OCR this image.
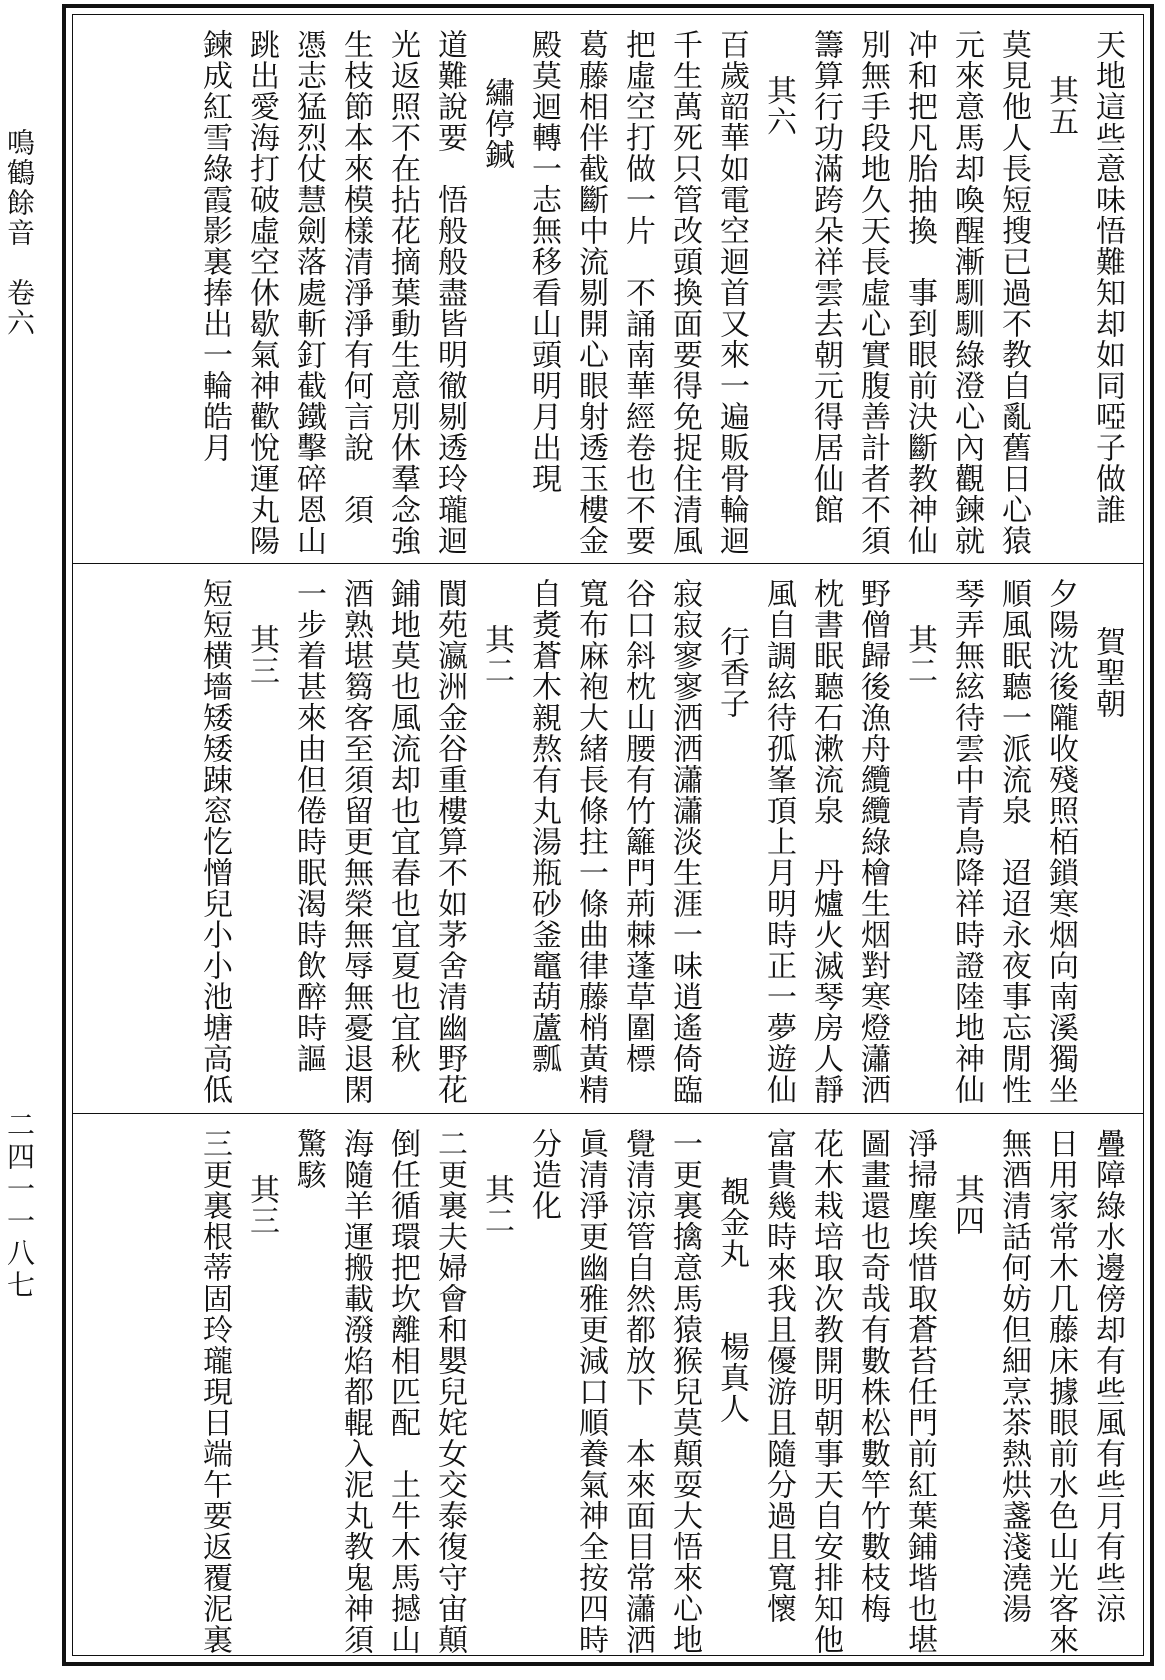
鳴鶴餘音　卷六
二四一一八七
天地這些意味悟難知却如同啞子做誰
其五
莫見他人長短搜已過不教自亂舊日心猿
元來意馬却喚醒漸馴馴綠澄心內觀鍊就
冲和把凡胎抽換　事到眼前決斷教神仙
別無手段地久天長虛心實腹善計者不須
籌算行功滿跨朵祥雲去朝元得居仙館
其六
百歲韶華如電空迴首又來一遍販骨輪迴
千生萬死只管改頭換面要得免捉住清風
把虛空打做一片　不誦南華經卷也不要
葛藤相伴截斷中流剔開心眼射透玉樓金
殿莫迴轉一志無移看山頭明月出現
繡停鍼
道難說要　悟般般盡皆明徹剔透玲瓏迴
光返照不在拈花摘葉動生意別休羣念強
生枝節本來模樣清淨淨有何言說　須
憑志猛烈仗慧劍落處斬釘截鐵擊碎恩山
跳出愛海打破虛空休歇氣神歡悅運丸陽
鍊成紅雪綠霞影裏捧出一輪皓月
賀聖朝
夕陽沈後隴收殘照栢鎖寒烟向南溪獨坐
順風眠聽一派流泉　迢迢永夜事忘閒性
琴弄無絃待雲中青鳥降祥時證陸地神仙
其二
野僧歸後漁舟纜纜綠檜生烟對寒燈瀟洒
枕書眠聽石漱流泉　丹爐火滅琴房人靜
風自調絃待孤峯頂上月明時正一夢遊仙
行香子
寂寂寥寥洒洒瀟瀟淡生涯一味逍遙倚臨
谷口斜枕山腰有竹籬門荊棘蓬草圍標
寬布麻袍大緒長條拄一條曲律藤梢黃精
自煑蒼木親熬有丸湯瓶砂釜竈葫蘆瓢
其二
閬苑瀛洲金谷重樓算不如茅舍清幽野花
鋪地莫也風流却也宜春也宜夏也宜秋
酒熟堪篘客至須留更無榮無辱無憂退閑
一步着甚來由但倦時眠渴時飲醉時謳
其三
短短横墻矮矮踈窓忔憎兒小小池塘高低
疊障綠水邊傍却有些風有些月有些涼
日用家常木几藤床據眼前水色山光客來
無酒清話何妨但細烹茶熱烘盞淺澆湯
其四
淨掃塵埃惜取蒼苔任門前紅葉鋪堦也堪
圖畫還也奇哉有數株松數竿竹數枝梅
花木栽培取次教開明朝事天自安排知他
富貴幾時來我且優游且隨分過且寬懷
覩金丸　　楊真人
一更裏擒意馬猿猴兒莫顛耍大悟來心地
覺清涼管自然都放下　本來面目常瀟洒
眞清淨更幽雅更減口順養氣神全按四時
分造化
其二
二更裏夫婦會和嬰兒姹女交泰復守宙顛
倒任循環把坎離相匹配　土牛木馬撼山
海隨羊運搬載潑焰都輥入泥丸教鬼神須
驚駭
其三
三更裏根蒂固玲瓏現日端午要返覆泥裏
